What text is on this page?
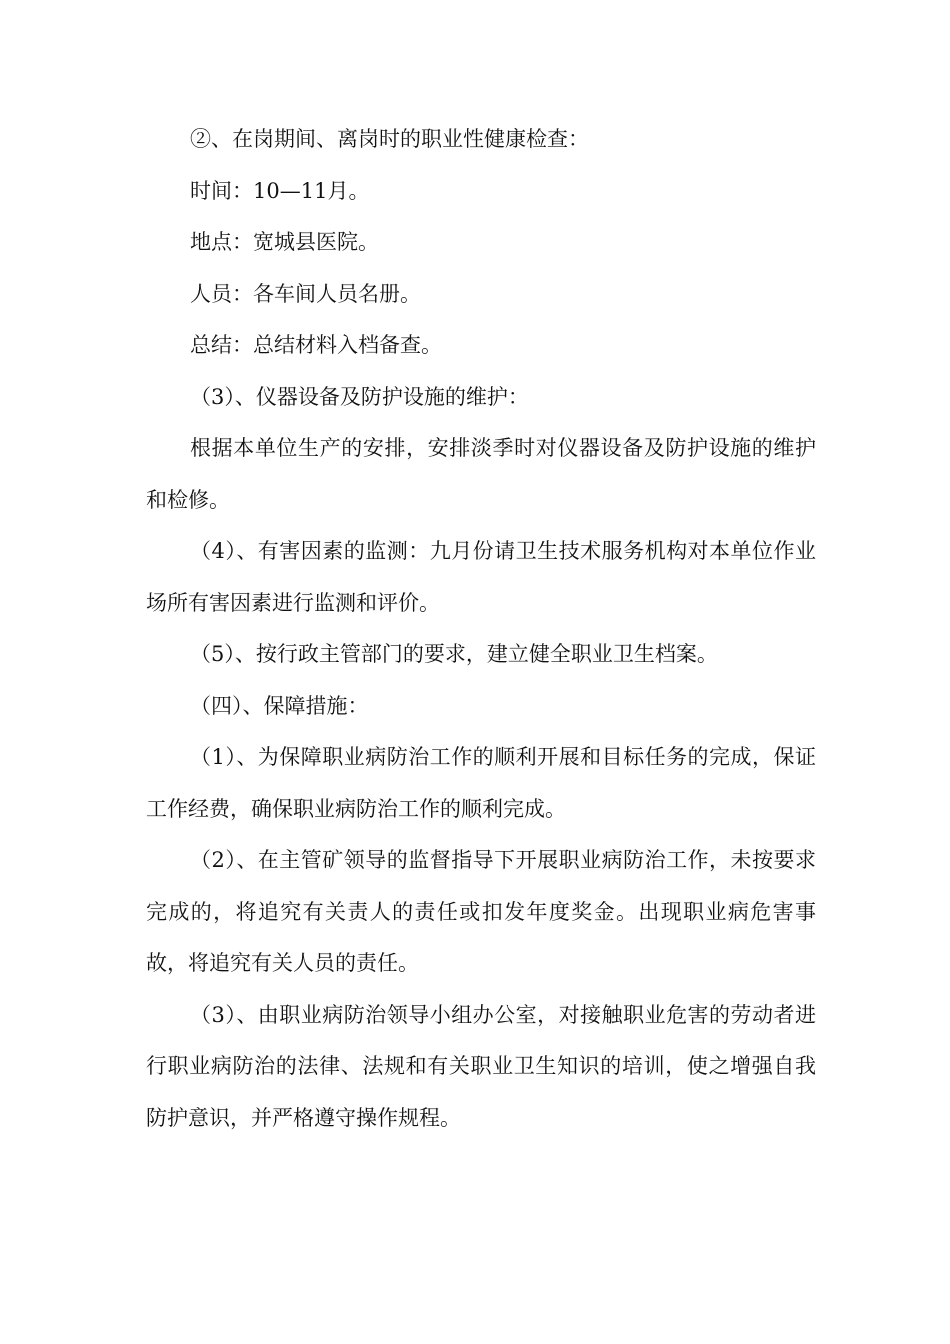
②、在岗期间、离岗时的职业性健康检查：

时间：10—11月。

地点：宽城县医院。

人员：各车间人员名册。

总结：总结材料入档备查。

（3）、仪器设备及防护设施的维护：

根据本单位生产的安排，安排淡季时对仪器设备及防护设施的维护和检修。

（4）、有害因素的监测：九月份请卫生技术服务机构对本单位作业场所有害因素进行监测和评价。

（5）、按行政主管部门的要求，建立健全职业卫生档案。

（四）、保障措施：

（1）、为保障职业病防治工作的顺利开展和目标任务的完成，保证工作经费，确保职业病防治工作的顺利完成。

（2）、在主管矿领导的监督指导下开展职业病防治工作，未按要求完成的，将追究有关责人的责任或扣发年度奖金。出现职业病危害事故，将追究有关人员的责任。

（3）、由职业病防治领导小组办公室，对接触职业危害的劳动者进行职业病防治的法律、法规和有关职业卫生知识的培训，使之增强自我防护意识，并严格遵守操作规程。
